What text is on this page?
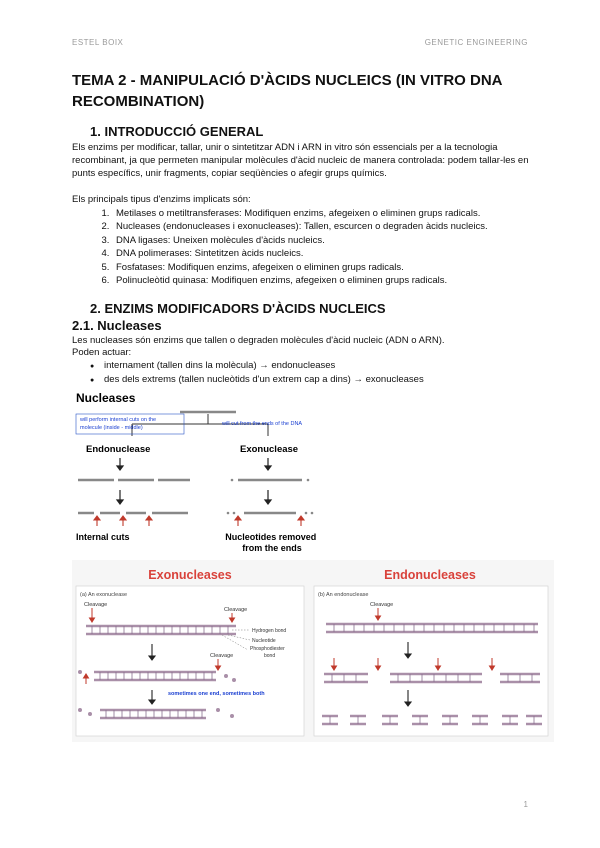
ESTEL BOIX	GENETIC ENGINEERING
TEMA 2 - MANIPULACIÓ D'ÀCIDS NUCLEICS (IN VITRO DNA RECOMBINATION)
1. INTRODUCCIÓ GENERAL

Els enzims per modificar, tallar, unir o sintetitzar ADN i ARN in vitro són essencials per a la tecnologia recombinant, ja que permeten manipular molècules d'àcid nucleic de manera controlada: podem tallar-les en punts específics, unir fragments, copiar seqüències o afegir grups químics.

Els principals tipus d'enzims implicats són:

1. Metilases o metiltransferases: Modifiquen enzims, afegeixen o eliminen grups radicals.
2. Nucleases (endonucleases i exonucleases): Tallen, escurcen o degraden àcids nucleics.
3. DNA ligases: Uneixen molècules d'àcids nucleics.
4. DNA polimerases: Sintetitzen àcids nucleics.
5. Fosfatases: Modifiquen enzims, afegeixen o eliminen grups radicals.
6. Polinucleòtid quinasa: Modifiquen enzims, afegeixen o eliminen grups radicals.
2. ENZIMS MODIFICADORS D'ÀCIDS NUCLEICS
2.1. Nucleases

Les nucleases són enzims que tallen o degraden molècules d'àcid nucleic (ADN o ARN).

Poden actuar:

● internament (tallen dins la molècula) → endonucleases
● des dels extrems (tallen nucleòtids d'un extrem cap a dins) → exonucleases
Nucleases
will perform internal cuts on the molecule (inside - middle)
will cut from the ends of the DNA
Endonuclease	Exonuclease
Internal cuts	Nucleotides removed from the ends
Exonucleases	Endonucleases
(a) An exonuclease	(b) An endonuclease
Cleavage
Cleavage
Hydrogen bond
Nucleotide
Phosphodiester bond
Cleavage
sometimes one end, sometimes both
Cleavage
1
